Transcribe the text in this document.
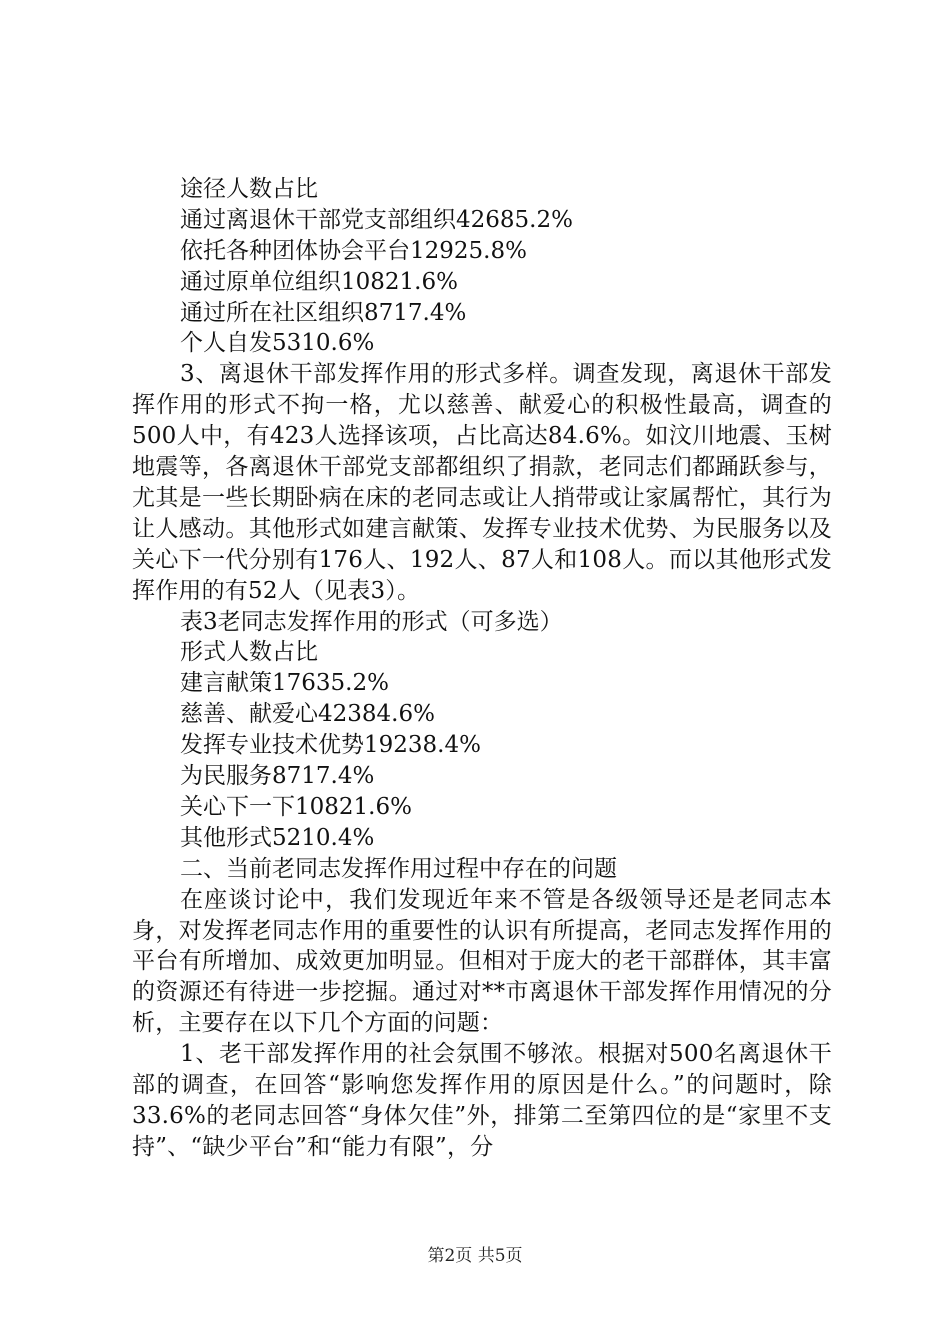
途径人数占比
通过离退休干部党支部组织42685.2%
依托各种团体协会平台12925.8%
通过原单位组织10821.6%
通过所在社区组织8717.4%
个人自发5310.6%
3、离退休干部发挥作用的形式多样。调查发现，离退休干部发挥作用的形式不拘一格，尤以慈善、献爱心的积极性最高，调查的500人中，有423人选择该项，占比高达84.6%。如汶川地震、玉树地震等，各离退休干部党支部都组织了捐款，老同志们都踊跃参与，尤其是一些长期卧病在床的老同志或让人捎带或让家属帮忙，其行为让人感动。其他形式如建言献策、发挥专业技术优势、为民服务以及关心下一代分别有176人、192人、87人和108人。而以其他形式发挥作用的有52人（见表3）。
表3老同志发挥作用的形式（可多选）
形式人数占比
建言献策17635.2%
慈善、献爱心42384.6%
发挥专业技术优势19238.4%
为民服务8717.4%
关心下一下10821.6%
其他形式5210.4%
二、当前老同志发挥作用过程中存在的问题
在座谈讨论中，我们发现近年来不管是各级领导还是老同志本身，对发挥老同志作用的重要性的认识有所提高，老同志发挥作用的平台有所增加、成效更加明显。但相对于庞大的老干部群体，其丰富的资源还有待进一步挖掘。通过对**市离退休干部发挥作用情况的分析，主要存在以下几个方面的问题：
1、老干部发挥作用的社会氛围不够浓。根据对500名离退休干部的调查，在回答“影响您发挥作用的原因是什么。”的问题时，除33.6%的老同志回答“身体欠佳”外，排第二至第四位的是“家里不支持”、“缺少平台”和“能力有限”，分
第2页 共5页
